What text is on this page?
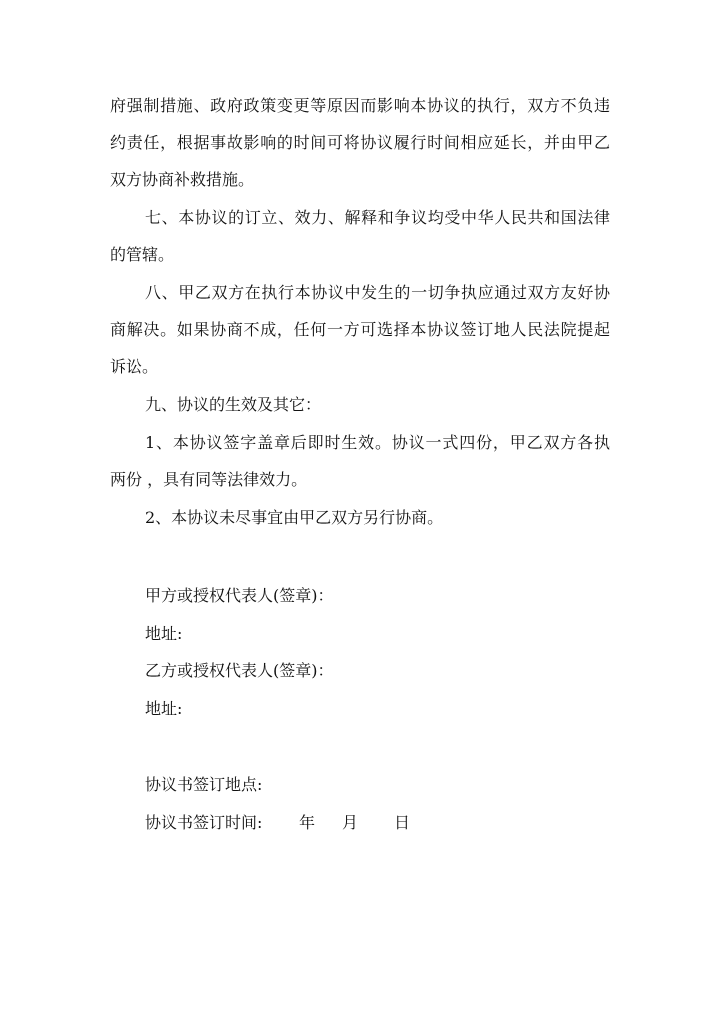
府强制措施、政府政策变更等原因而影响本协议的执行，双方不负违
约责任，根据事故影响的时间可将协议履行时间相应延长，并由甲乙
双方协商补救措施。
七、本协议的订立、效力、解释和争议均受中华人民共和国法律
的管辖。
八、甲乙双方在执行本协议中发生的一切争执应通过双方友好协
商解决。如果协商不成，任何一方可选择本协议签订地人民法院提起
诉讼。
九、协议的生效及其它：
1、本协议签字盖章后即时生效。协议一式四份，甲乙双方各执
两份 ，具有同等法律效力。
2、本协议未尽事宜由甲乙双方另行协商。
甲方或授权代表人(签章)：
地址:
乙方或授权代表人(签章)：
地址:
协议书签订地点:
协议书签订时间:	年 月 日
